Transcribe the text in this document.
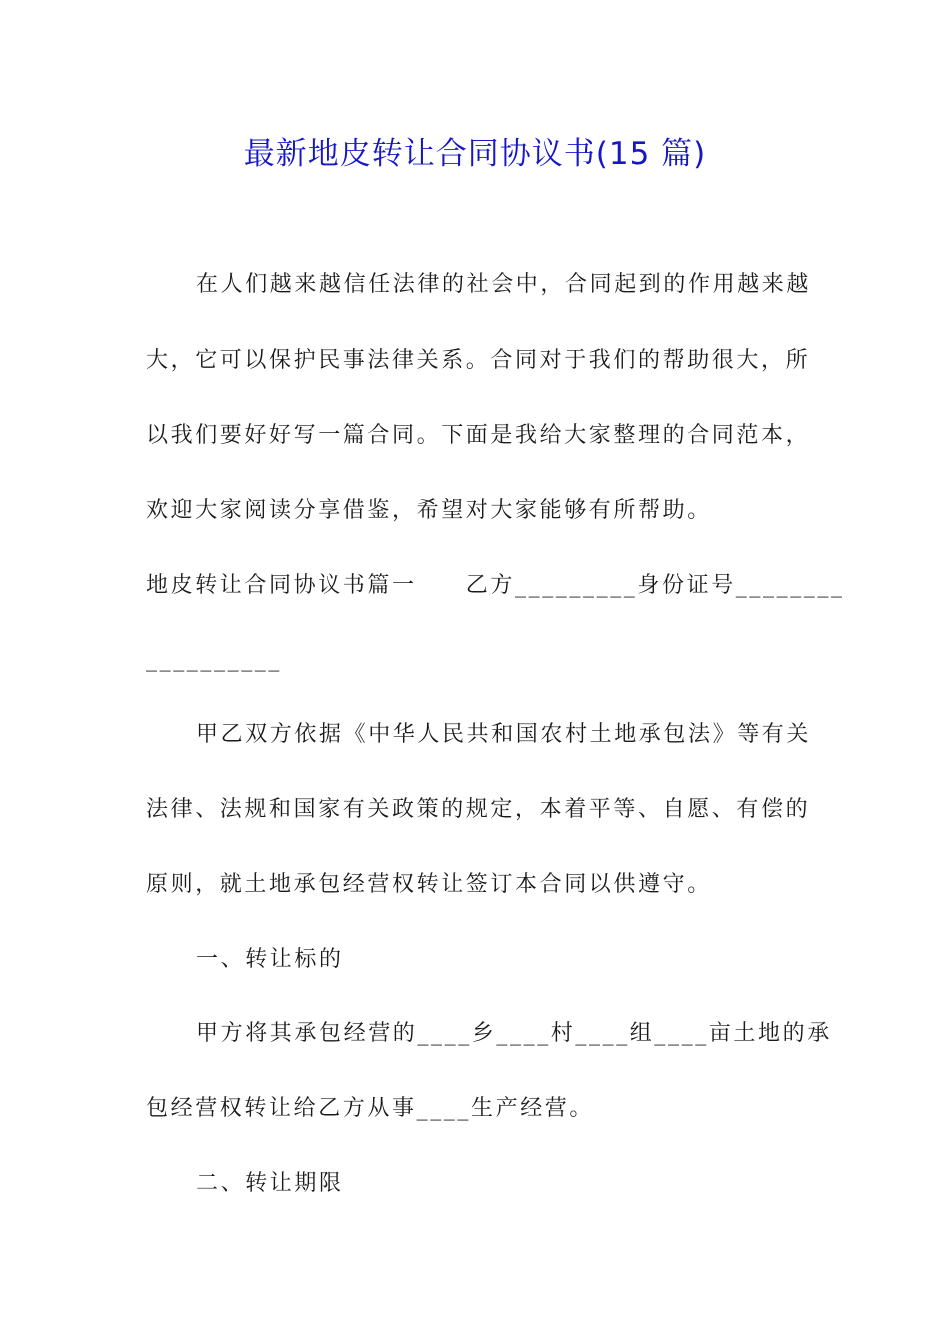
最新地皮转让合同协议书(15 篇)
在人们越来越信任法律的社会中，合同起到的作用越来越
大，它可以保护民事法律关系。合同对于我们的帮助很大，所
以我们要好好写一篇合同。下面是我给大家整理的合同范本，
欢迎大家阅读分享借鉴，希望对大家能够有所帮助。
地皮转让合同协议书篇一　　乙方_________身份证号________
__________
甲乙双方依据《中华人民共和国农村土地承包法》等有关
法律、法规和国家有关政策的规定，本着平等、自愿、有偿的
原则，就土地承包经营权转让签订本合同以供遵守。
一、转让标的
甲方将其承包经营的____乡____村____组____亩土地的承
包经营权转让给乙方从事____生产经营。
二、转让期限
